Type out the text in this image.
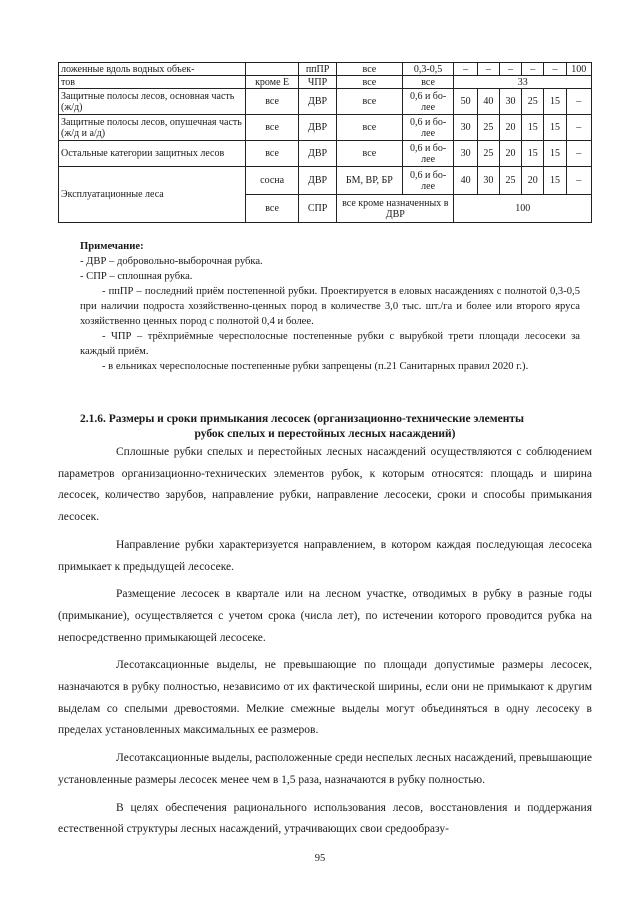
ложенные вдоль водных объек-		ппПР	все	0,3-0,5	–	–	–	–	–	100
тов	кроме Е	ЧПР	все	все	33					
Защитные полосы лесов, основная часть (ж/д)	все	ДВР	все	0,6 и бо-лее	50	40	30	25	15	–
Защитные полосы лесов, опушечная часть (ж/д и а/д)	все	ДВР	все	0,6 и бо-лее	30	25	20	15	15	–
Остальные категории защитных лесов	все	ДВР	все	0,6 и бо-лее	30	25	20	15	15	–
Эксплуатационные леса	сосна	ДВР	БМ, ВР, БР	0,6 и бо-лее	40	30	25	20	15	–
	все	СПР	все кроме назначенных в ДВР		100					

Примечание:

- ДВР – добровольно-выборочная рубка.

- СПР – сплошная рубка.

- ппПР – последний приём постепенной рубки. Проектируется в еловых насаждениях с полнотой 0,3-0,5 при наличии подроста хозяйственно-ценных пород в количестве 3,0 тыс. шт./га и более или второго яруса хозяйственно ценных пород с полнотой 0,4 и более.

- ЧПР – трёхприёмные чересполосные постепенные рубки с вырубкой трети площади лесосеки за каждый приём.

- в ельниках чересполосные постепенные рубки запрещены (п.21 Санитарных правил 2020 г.).

2.1.6. Размеры и сроки примыкания лесосек (организационно-технические элементы
рубок спелых и перестойных лесных насаждений)

Сплошные рубки спелых и перестойных лесных насаждений осуществляются с соблюдением параметров организационно-технических элементов рубок, к которым относятся: площадь и ширина лесосек, количество зарубов, направление рубки, направление лесосеки, сроки и способы примыкания лесосек.

Направление рубки характеризуется направлением, в котором каждая последующая лесосека примыкает к предыдущей лесосеке.

Размещение лесосек в квартале или на лесном участке, отводимых в рубку в разные годы (примыкание), осуществляется с учетом срока (числа лет), по истечении которого проводится рубка на непосредственно примыкающей лесосеке.

Лесотаксационные выделы, не превышающие по площади допустимые размеры лесосек, назначаются в рубку полностью, независимо от их фактической ширины, если они не примыкают к другим выделам со спелыми древостоями. Мелкие смежные выделы могут объединяться в одну лесосеку в пределах установленных максимальных ее размеров.

Лесотаксационные выделы, расположенные среди неспелых лесных насаждений, превышающие установленные размеры лесосек менее чем в 1,5 раза, назначаются в рубку полностью.

В целях обеспечения рационального использования лесов, восстановления и поддержания естественной структуры лесных насаждений, утрачивающих свои средообразу-

95
